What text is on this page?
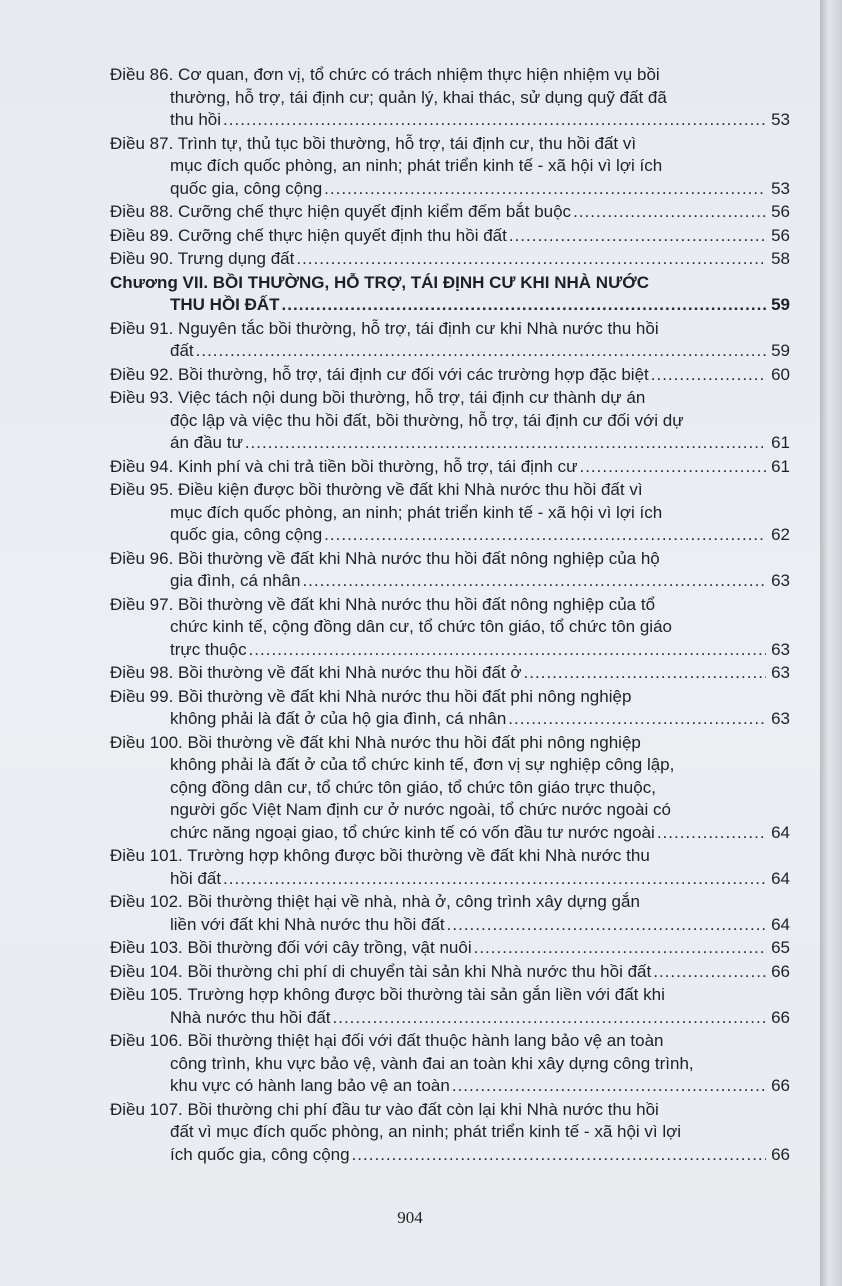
Điều 86. Cơ quan, đơn vị, tổ chức có trách nhiệm thực hiện nhiệm vụ bồi
thường, hỗ trợ, tái định cư; quản lý, khai thác, sử dụng quỹ đất đã
thu hồi .....	53
Điều 87. Trình tự, thủ tục bồi thường, hỗ trợ, tái định cư, thu hồi đất vì
mục đích quốc phòng, an ninh; phát triển kinh tế - xã hội vì lợi ích
quốc gia, công cộng .....	53
Điều 88. Cưỡng chế thực hiện quyết định kiểm đếm bắt buộc .....	56
Điều 89. Cưỡng chế thực hiện quyết định thu hồi đất .....	56
Điều 90. Trưng dụng đất .....	58
Chương VII. BỒI THƯỜNG, HỖ TRỢ, TÁI ĐỊNH CƯ KHI NHÀ NƯỚC
THU HỒI ĐẤT .....	59
Điều 91. Nguyên tắc bồi thường, hỗ trợ, tái định cư khi Nhà nước thu hồi
đất .....	59
Điều 92. Bồi thường, hỗ trợ, tái định cư đối với các trường hợp đặc biệt .....	60
Điều 93. Việc tách nội dung bồi thường, hỗ trợ, tái định cư thành dự án
độc lập và việc thu hồi đất, bồi thường, hỗ trợ, tái định cư đối với dự
án đầu tư .....	61
Điều 94. Kinh phí và chi trả tiền bồi thường, hỗ trợ, tái định cư .....	61
Điều 95. Điều kiện được bồi thường về đất khi Nhà nước thu hồi đất vì
mục đích quốc phòng, an ninh; phát triển kinh tế - xã hội vì lợi ích
quốc gia, công cộng .....	62
Điều 96. Bồi thường về đất khi Nhà nước thu hồi đất nông nghiệp của hộ
gia đình, cá nhân .....	63
Điều 97. Bồi thường về đất khi Nhà nước thu hồi đất nông nghiệp của tổ
chức kinh tế, cộng đồng dân cư, tổ chức tôn giáo, tổ chức tôn giáo
trực thuộc .....	63
Điều 98. Bồi thường về đất khi Nhà nước thu hồi đất ở .....	63
Điều 99. Bồi thường về đất khi Nhà nước thu hồi đất phi nông nghiệp
không phải là đất ở của hộ gia đình, cá nhân .....	63
Điều 100. Bồi thường về đất khi Nhà nước thu hồi đất phi nông nghiệp
không phải là đất ở của tổ chức kinh tế, đơn vị sự nghiệp công lập,
cộng đồng dân cư, tổ chức tôn giáo, tổ chức tôn giáo trực thuộc,
người gốc Việt Nam định cư ở nước ngoài, tổ chức nước ngoài có
chức năng ngoại giao, tổ chức kinh tế có vốn đầu tư nước ngoài .....	64
Điều 101. Trường hợp không được bồi thường về đất khi Nhà nước thu
hồi đất .....	64
Điều 102. Bồi thường thiệt hại về nhà, nhà ở, công trình xây dựng gắn
liền với đất khi Nhà nước thu hồi đất .....	64
Điều 103. Bồi thường đối với cây trồng, vật nuôi .....	65
Điều 104. Bồi thường chi phí di chuyển tài sản khi Nhà nước thu hồi đất .....	66
Điều 105. Trường hợp không được bồi thường tài sản gắn liền với đất khi
Nhà nước thu hồi đất .....	66
Điều 106. Bồi thường thiệt hại đối với đất thuộc hành lang bảo vệ an toàn
công trình, khu vực bảo vệ, vành đai an toàn khi xây dựng công trình,
khu vực có hành lang bảo vệ an toàn .....	66
Điều 107. Bồi thường chi phí đầu tư vào đất còn lại khi Nhà nước thu hồi
đất vì mục đích quốc phòng, an ninh; phát triển kinh tế - xã hội vì lợi
ích quốc gia, công cộng .....	66
904
